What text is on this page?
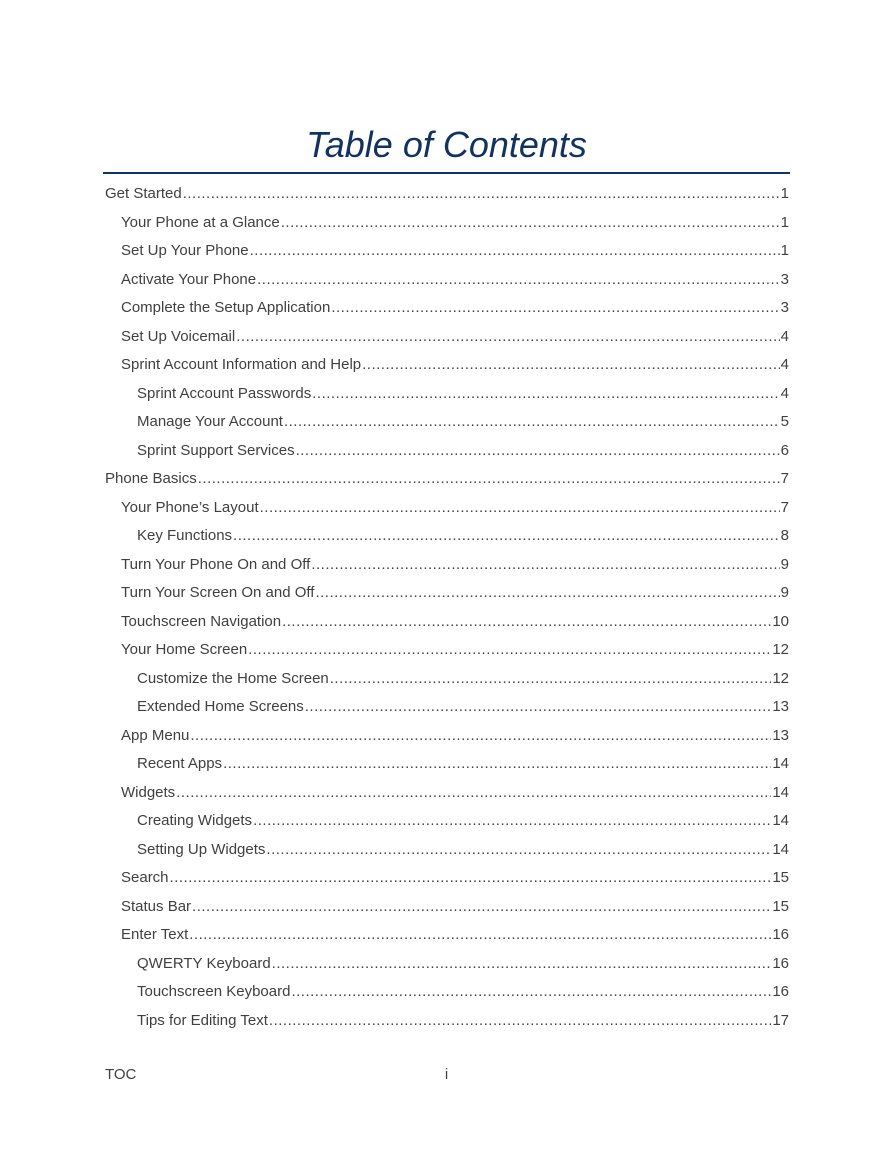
Table of Contents
Get Started .....	1
Your Phone at a Glance .....	1
Set Up Your Phone .....	1
Activate Your Phone .....	3
Complete the Setup Application .....	3
Set Up Voicemail .....	4
Sprint Account Information and Help .....	4
Sprint Account Passwords .....	4
Manage Your Account .....	5
Sprint Support Services .....	6
Phone Basics .....	7
Your Phone’s Layout .....	7
Key Functions .....	8
Turn Your Phone On and Off .....	9
Turn Your Screen On and Off .....	9
Touchscreen Navigation .....	10
Your Home Screen .....	12
Customize the Home Screen .....	12
Extended Home Screens .....	13
App Menu .....	13
Recent Apps .....	14
Widgets .....	14
Creating Widgets .....	14
Setting Up Widgets .....	14
Search .....	15
Status Bar .....	15
Enter Text .....	16
QWERTY Keyboard .....	16
Touchscreen Keyboard .....	16
Tips for Editing Text .....	17
TOC	i
